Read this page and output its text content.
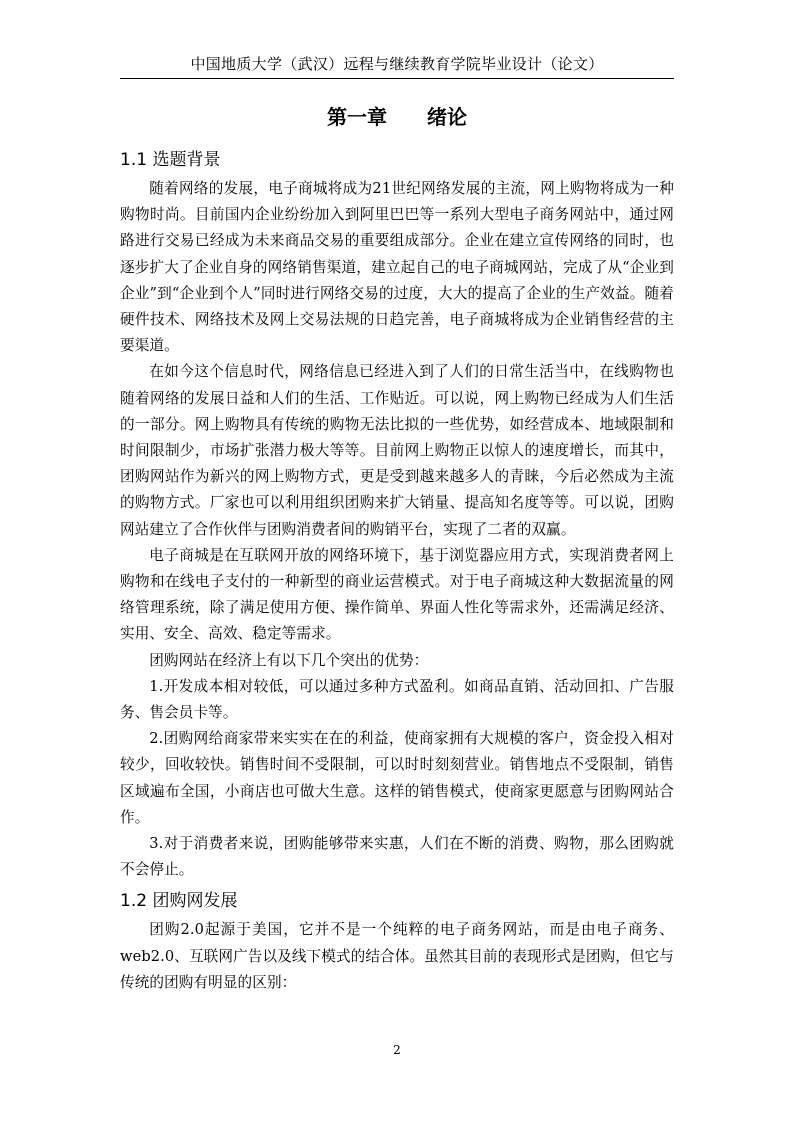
中国地质大学（武汉）远程与继续教育学院毕业设计（论文）
第一章　　绪论
1.1 选题背景

随着网络的发展，电子商城将成为21世纪网络发展的主流，网上购物将成为一种购物时尚。目前国内企业纷纷加入到阿里巴巴等一系列大型电子商务网站中，通过网路进行交易已经成为未来商品交易的重要组成部分。企业在建立宣传网络的同时，也逐步扩大了企业自身的网络销售渠道，建立起自己的电子商城网站，完成了从“企业到企业”到“企业到个人”同时进行网络交易的过度，大大的提高了企业的生产效益。随着硬件技术、网络技术及网上交易法规的日趋完善，电子商城将成为企业销售经营的主要渠道。

在如今这个信息时代，网络信息已经进入到了人们的日常生活当中，在线购物也随着网络的发展日益和人们的生活、工作贴近。可以说，网上购物已经成为人们生活的一部分。网上购物具有传统的购物无法比拟的一些优势，如经营成本、地域限制和时间限制少，市场扩张潜力极大等等。目前网上购物正以惊人的速度增长，而其中，团购网站作为新兴的网上购物方式，更是受到越来越多人的青睐，今后必然成为主流的购物方式。厂家也可以利用组织团购来扩大销量、提高知名度等等。可以说，团购网站建立了合作伙伴与团购消费者间的购销平台，实现了二者的双赢。

电子商城是在互联网开放的网络环境下，基于浏览器应用方式，实现消费者网上购物和在线电子支付的一种新型的商业运营模式。对于电子商城这种大数据流量的网络管理系统，除了满足使用方便、操作简单、界面人性化等需求外，还需满足经济、实用、安全、高效、稳定等需求。

团购网站在经济上有以下几个突出的优势：

1.开发成本相对较低，可以通过多种方式盈利。如商品直销、活动回扣、广告服务、售会员卡等。

2.团购网给商家带来实实在在的利益，使商家拥有大规模的客户，资金投入相对较少，回收较快。销售时间不受限制，可以时时刻刻营业。销售地点不受限制，销售区域遍布全国，小商店也可做大生意。这样的销售模式，使商家更愿意与团购网站合作。

3.对于消费者来说，团购能够带来实惠，人们在不断的消费、购物，那么团购就不会停止。

1.2 团购网发展

团购2.0起源于美国，它并不是一个纯粹的电子商务网站，而是由电子商务、web2.0、互联网广告以及线下模式的结合体。虽然其目前的表现形式是团购，但它与传统的团购有明显的区别：

2
